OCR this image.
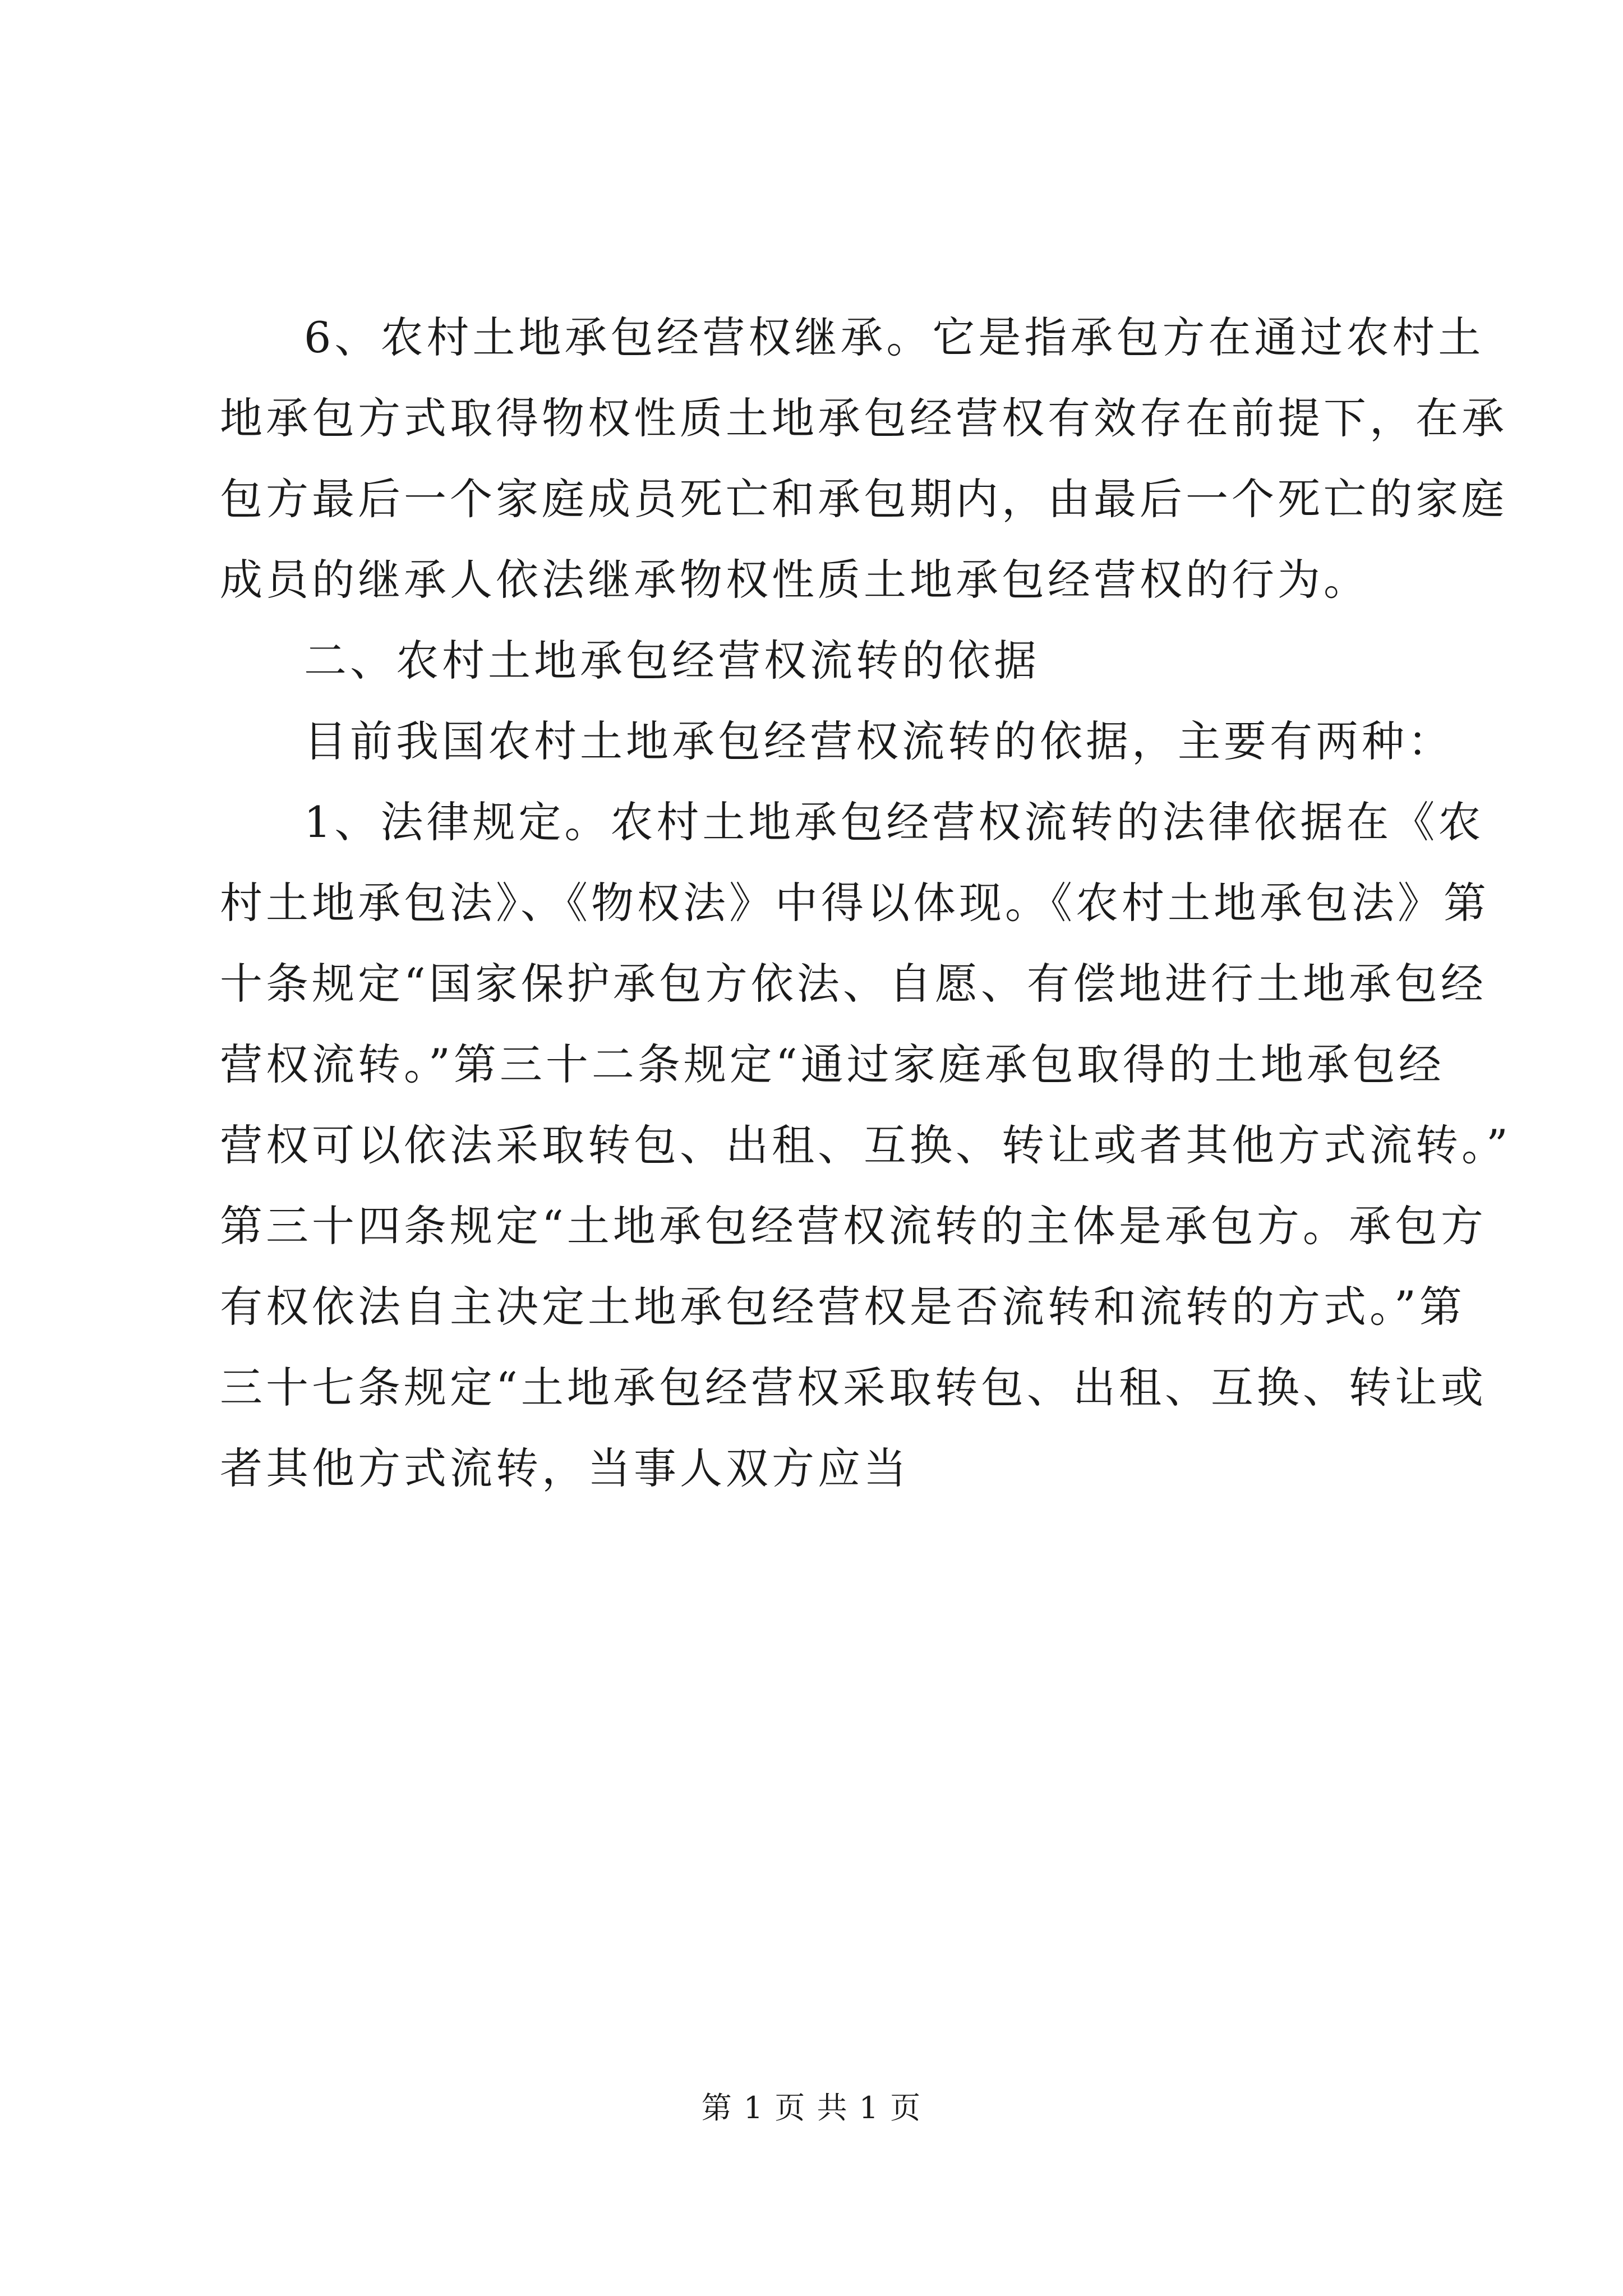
6、农村土地承包经营权继承。它是指承包方在通过农村土
地承包方式取得物权性质土地承包经营权有效存在前提下，在承
包方最后一个家庭成员死亡和承包期内，由最后一个死亡的家庭
成员的继承人依法继承物权性质土地承包经营权的行为。
二、农村土地承包经营权流转的依据
目前我国农村土地承包经营权流转的依据，主要有两种：
1、法律规定。农村土地承包经营权流转的法律依据在《农
村土地承包法》、《物权法》中得以体现。《农村土地承包法》第
十条规定“国家保护承包方依法、自愿、有偿地进行土地承包经
营权流转。”第三十二条规定“通过家庭承包取得的土地承包经
营权可以依法采取转包、出租、互换、转让或者其他方式流转。”
第三十四条规定“土地承包经营权流转的主体是承包方。承包方
有权依法自主决定土地承包经营权是否流转和流转的方式。”第
三十七条规定“土地承包经营权采取转包、出租、互换、转让或
者其他方式流转，当事人双方应当
第 1 页 共 1 页
